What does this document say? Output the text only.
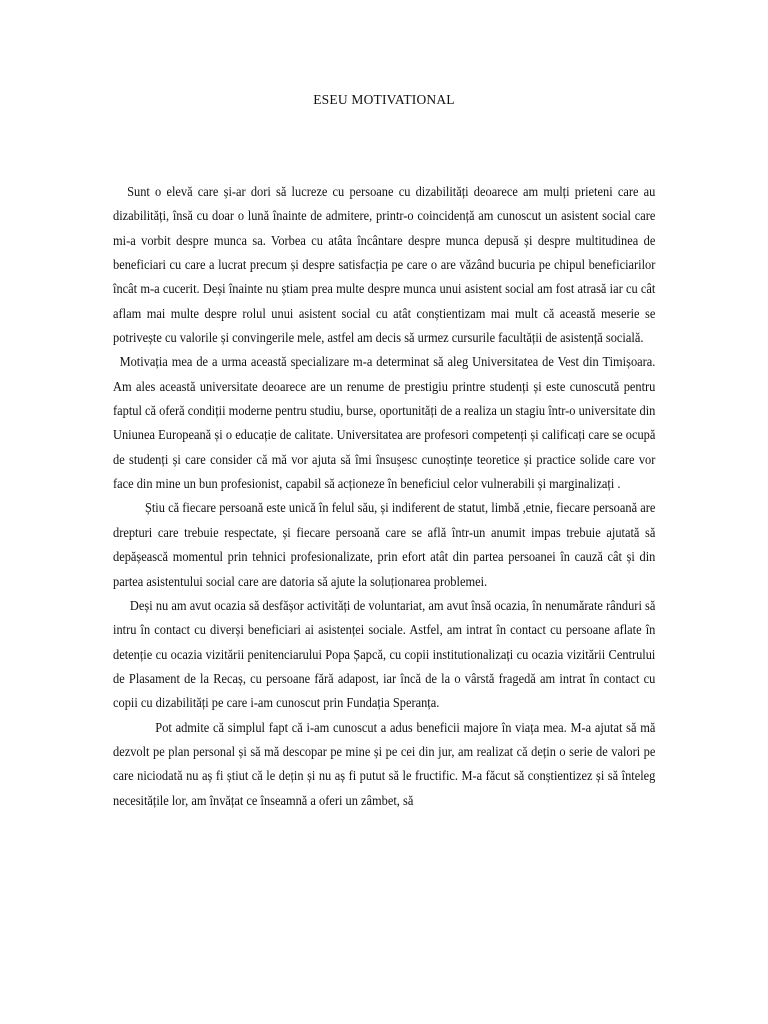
ESEU MOTIVATIONAL

Sunt o elevă care și-ar dori să lucreze cu persoane cu dizabilități deoarece am mulți prieteni care au dizabilități, însă cu doar o lună înainte de admitere, printr-o coincidență am cunoscut un asistent social care mi-a vorbit despre munca sa. Vorbea cu atâta încântare despre munca depusă și despre multitudinea de beneficiari cu care a lucrat precum și despre satisfacția pe care o are văzând bucuria pe chipul beneficiarilor încât m-a cucerit. Deși înainte nu știam prea multe despre munca unui asistent social am fost atrasă iar cu cât aflam mai multe despre rolul unui asistent social cu atât conștientizam mai mult că această meserie se potrivește cu valorile și convingerile mele, astfel am decis să urmez cursurile facultății de asistență socială.

Motivația mea de a urma această specializare m-a determinat să aleg Universitatea de Vest din Timișoara. Am ales această universitate deoarece are un renume de prestigiu printre studenți și este cunoscută pentru faptul că oferă condiții moderne pentru studiu, burse, oportunități de a realiza un stagiu într-o universitate din Uniunea Europeană și o educație de calitate. Universitatea are profesori competenți și calificați care se ocupă de studenți și care consider că mă vor ajuta să îmi însușesc cunoștințe teoretice și practice solide care vor face din mine un bun profesionist, capabil să acționeze în beneficiul celor vulnerabili și marginalizați .

Știu că fiecare persoană este unică în felul său, și indiferent de statut, limbă ,etnie, fiecare persoană are drepturi care trebuie respectate, și fiecare persoană care se află într-un anumit impas trebuie ajutată să depășească momentul prin tehnici profesionalizate, prin efort atât din partea persoanei în cauză cât și din partea asistentului social care are datoria să ajute la soluționarea problemei.

Deși nu am avut ocazia să desfășor activități de voluntariat, am avut însă ocazia, în nenumărate rânduri să intru în contact cu diverși beneficiari ai asistenței sociale. Astfel, am intrat în contact cu persoane aflate în detenție cu ocazia vizitării penitenciarului Popa Șapcă, cu copii institutionalizați cu ocazia vizitării Centrului de Plasament de la Recaș, cu persoane fără adapost, iar încă de la o vârstă fragedă am intrat în contact cu copii cu dizabilități pe care i-am cunoscut prin Fundația Speranța.

Pot admite că simplul fapt că i-am cunoscut a adus beneficii majore în viața mea. M-a ajutat să mă dezvolt pe plan personal și să mă descopar pe mine și pe cei din jur, am realizat că dețin o serie de valori pe care niciodată nu aș fi știut că le dețin și nu aș fi putut să le fructific. M-a făcut să conștientizez și să înteleg necesitățile lor, am învățat ce înseamnă a oferi un zâmbet, să
